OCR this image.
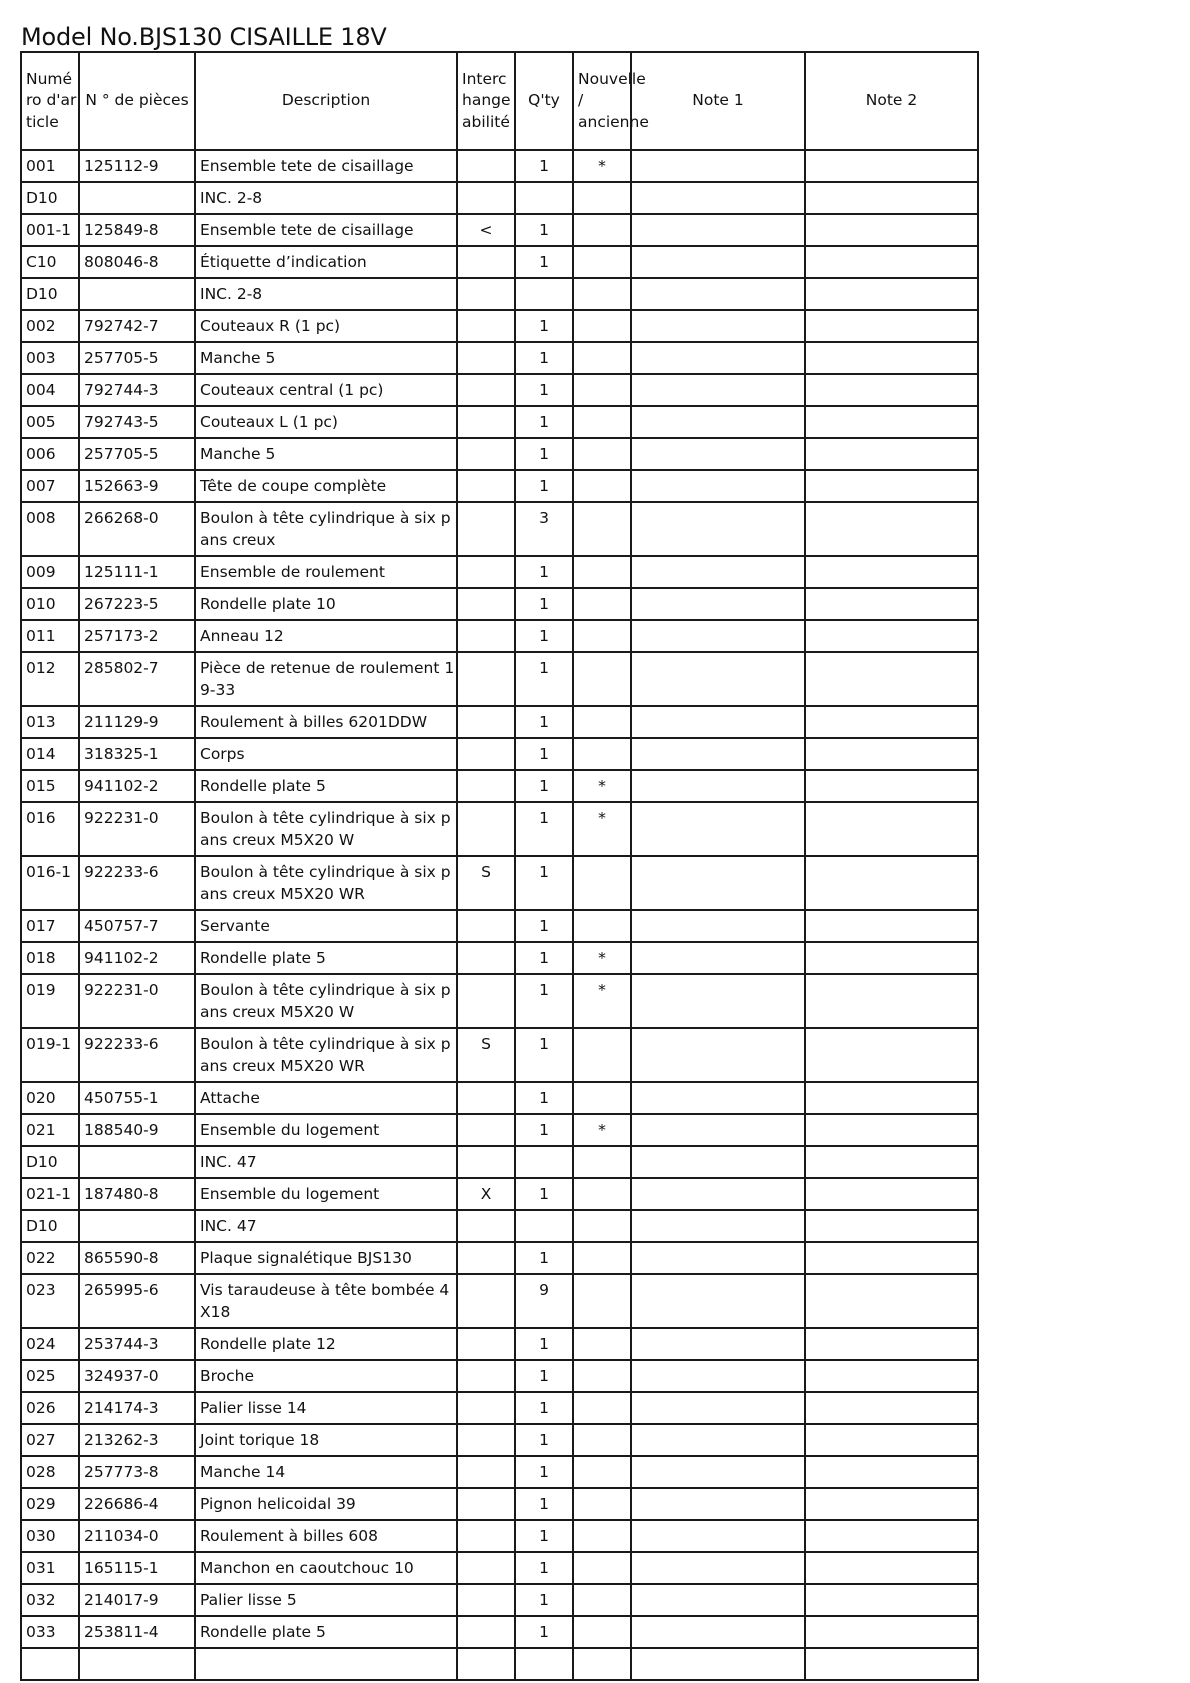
Model No.BJS130 CISAILLE 18V
Numéro d'article	N ° de pièces	Description	Interchangeabilité	Q'ty	Nouvelle / ancienne	Note 1	Note 2
001	125112-9	Ensemble tete de cisaillage		1	*		
D10		INC. 2-8					
001-1	125849-8	Ensemble tete de cisaillage	<	1			
C10	808046-8	Étiquette d’indication		1			
D10		INC. 2-8					
002	792742-7	Couteaux R (1 pc)		1			
003	257705-5	Manche 5		1			
004	792744-3	Couteaux central (1 pc)		1			
005	792743-5	Couteaux L (1 pc)		1			
006	257705-5	Manche 5		1			
007	152663-9	Tête de coupe complète		1			
008	266268-0	Boulon à tête cylindrique à six pans creux		3			
009	125111-1	Ensemble de roulement		1			
010	267223-5	Rondelle plate 10		1			
011	257173-2	Anneau 12		1			
012	285802-7	Pièce de retenue de roulement 19-33		1			
013	211129-9	Roulement à billes 6201DDW		1			
014	318325-1	Corps		1			
015	941102-2	Rondelle plate 5		1	*		
016	922231-0	Boulon à tête cylindrique à six pans creux M5X20 W		1	*		
016-1	922233-6	Boulon à tête cylindrique à six pans creux M5X20 WR	S	1			
017	450757-7	Servante		1			
018	941102-2	Rondelle plate 5		1	*		
019	922231-0	Boulon à tête cylindrique à six pans creux M5X20 W		1	*		
019-1	922233-6	Boulon à tête cylindrique à six pans creux M5X20 WR	S	1			
020	450755-1	Attache		1			
021	188540-9	Ensemble du logement		1	*		
D10		INC. 47					
021-1	187480-8	Ensemble du logement	X	1			
D10		INC. 47					
022	865590-8	Plaque signalétique BJS130		1			
023	265995-6	Vis taraudeuse à tête bombée 4X18		9			
024	253744-3	Rondelle plate 12		1			
025	324937-0	Broche		1			
026	214174-3	Palier lisse 14		1			
027	213262-3	Joint torique 18		1			
028	257773-8	Manche 14		1			
029	226686-4	Pignon helicoidal 39		1			
030	211034-0	Roulement à billes 608		1			
031	165115-1	Manchon en caoutchouc 10		1			
032	214017-9	Palier lisse 5		1			
033	253811-4	Rondelle plate 5		1			
